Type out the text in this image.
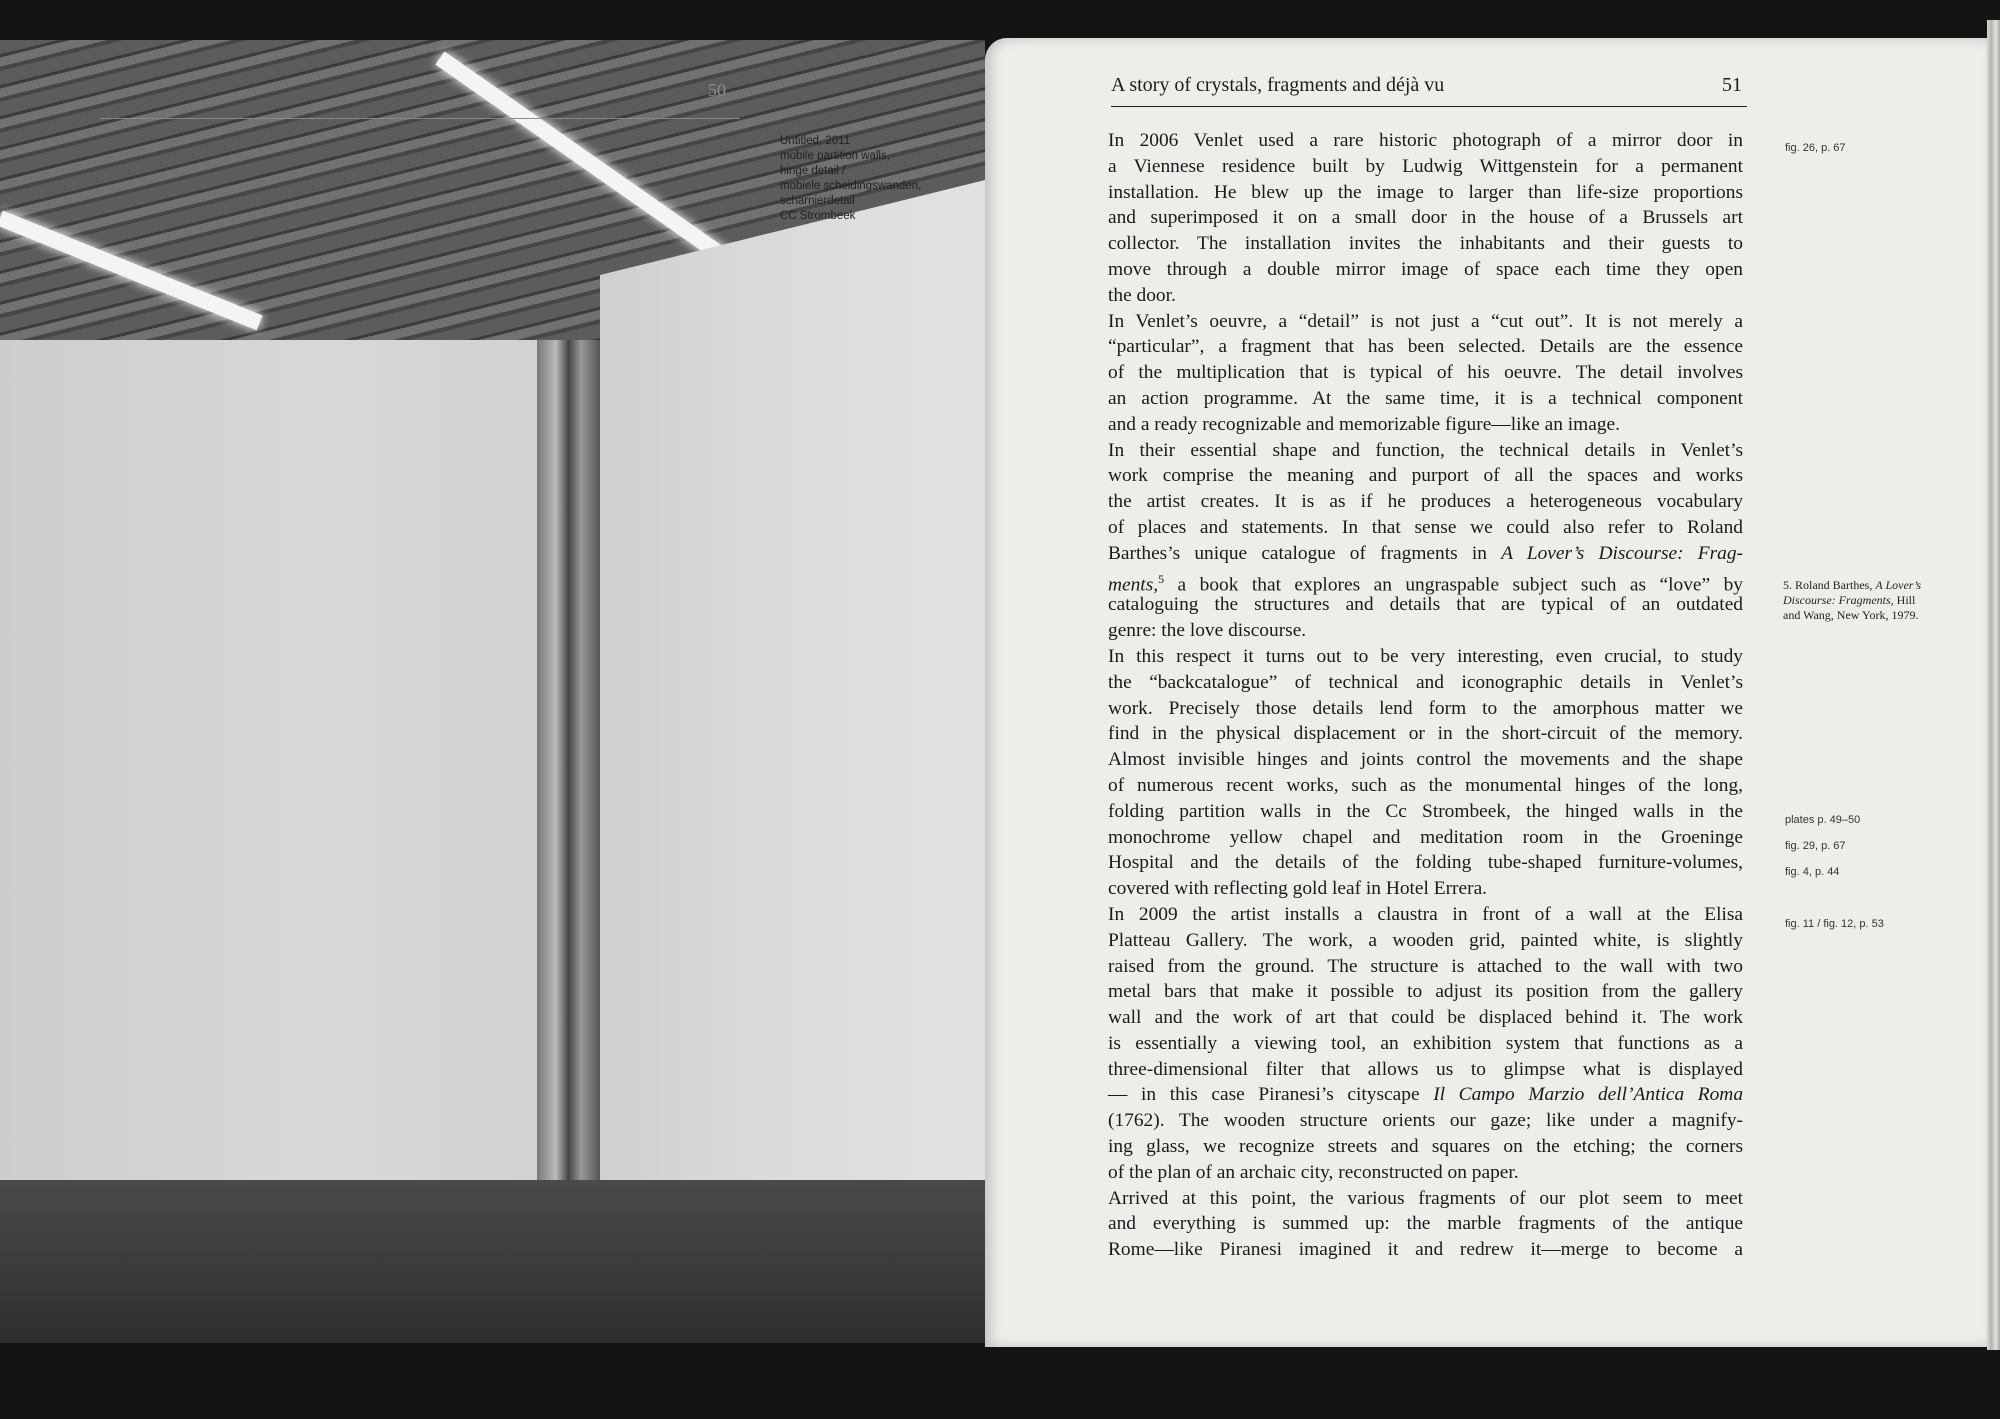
50
Untitled, 2011
mobile partition walls,
hinge detail /
mobiele scheidingswanden,
scharnierdetail
CC Strombeek
A story of crystals, fragments and déjà vu	51
In 2006 Venlet used a rare historic photograph of a mirror door in
a Viennese residence built by Ludwig Wittgenstein for a permanent
installation. He blew up the image to larger than life-size proportions
and superimposed it on a small door in the house of a Brussels art
collector. The installation invites the inhabitants and their guests to
move through a double mirror image of space each time they open
the door.
In Venlet’s oeuvre, a “detail” is not just a “cut out”. It is not merely a
“particular”, a fragment that has been selected. Details are the essence
of the multiplication that is typical of his oeuvre. The detail involves
an action programme. At the same time, it is a technical component
and a ready recognizable and memorizable figure—like an image.
In their essential shape and function, the technical details in Venlet’s
work comprise the meaning and purport of all the spaces and works
the artist creates. It is as if he produces a heterogeneous vocabulary
of places and statements. In that sense we could also refer to Roland
Barthes’s unique catalogue of fragments in A Lover’s Discourse: Frag-
ments,$^5$ a book that explores an ungraspable subject such as “love” by
cataloguing the structures and details that are typical of an outdated
genre: the love discourse.
In this respect it turns out to be very interesting, even crucial, to study
the “backcatalogue” of technical and iconographic details in Venlet’s
work. Precisely those details lend form to the amorphous matter we
find in the physical displacement or in the short-circuit of the memory.
Almost invisible hinges and joints control the movements and the shape
of numerous recent works, such as the monumental hinges of the long,
folding partition walls in the Cc Strombeek, the hinged walls in the
monochrome yellow chapel and meditation room in the Groeninge
Hospital and the details of the folding tube-shaped furniture-volumes,
covered with reflecting gold leaf in Hotel Errera.
In 2009 the artist installs a claustra in front of a wall at the Elisa
Platteau Gallery. The work, a wooden grid, painted white, is slightly
raised from the ground. The structure is attached to the wall with two
metal bars that make it possible to adjust its position from the gallery
wall and the work of art that could be displaced behind it. The work
is essentially a viewing tool, an exhibition system that functions as a
three-dimensional filter that allows us to glimpse what is displayed
— in this case Piranesi’s cityscape Il Campo Marzio dell’Antica Roma
(1762). The wooden structure orients our gaze; like under a magnify-
ing glass, we recognize streets and squares on the etching; the corners
of the plan of an archaic city, reconstructed on paper.
Arrived at this point, the various fragments of our plot seem to meet
and everything is summed up: the marble fragments of the antique
Rome—like Piranesi imagined it and redrew it—merge to become a
fig. 26, p. 67
plates p. 49–50
fig. 29, p. 67
fig. 4, p. 44
fig. 11 / fig. 12, p. 53
5. Roland Barthes, A Lover’s
Discourse: Fragments, Hill
and Wang, New York, 1979.
